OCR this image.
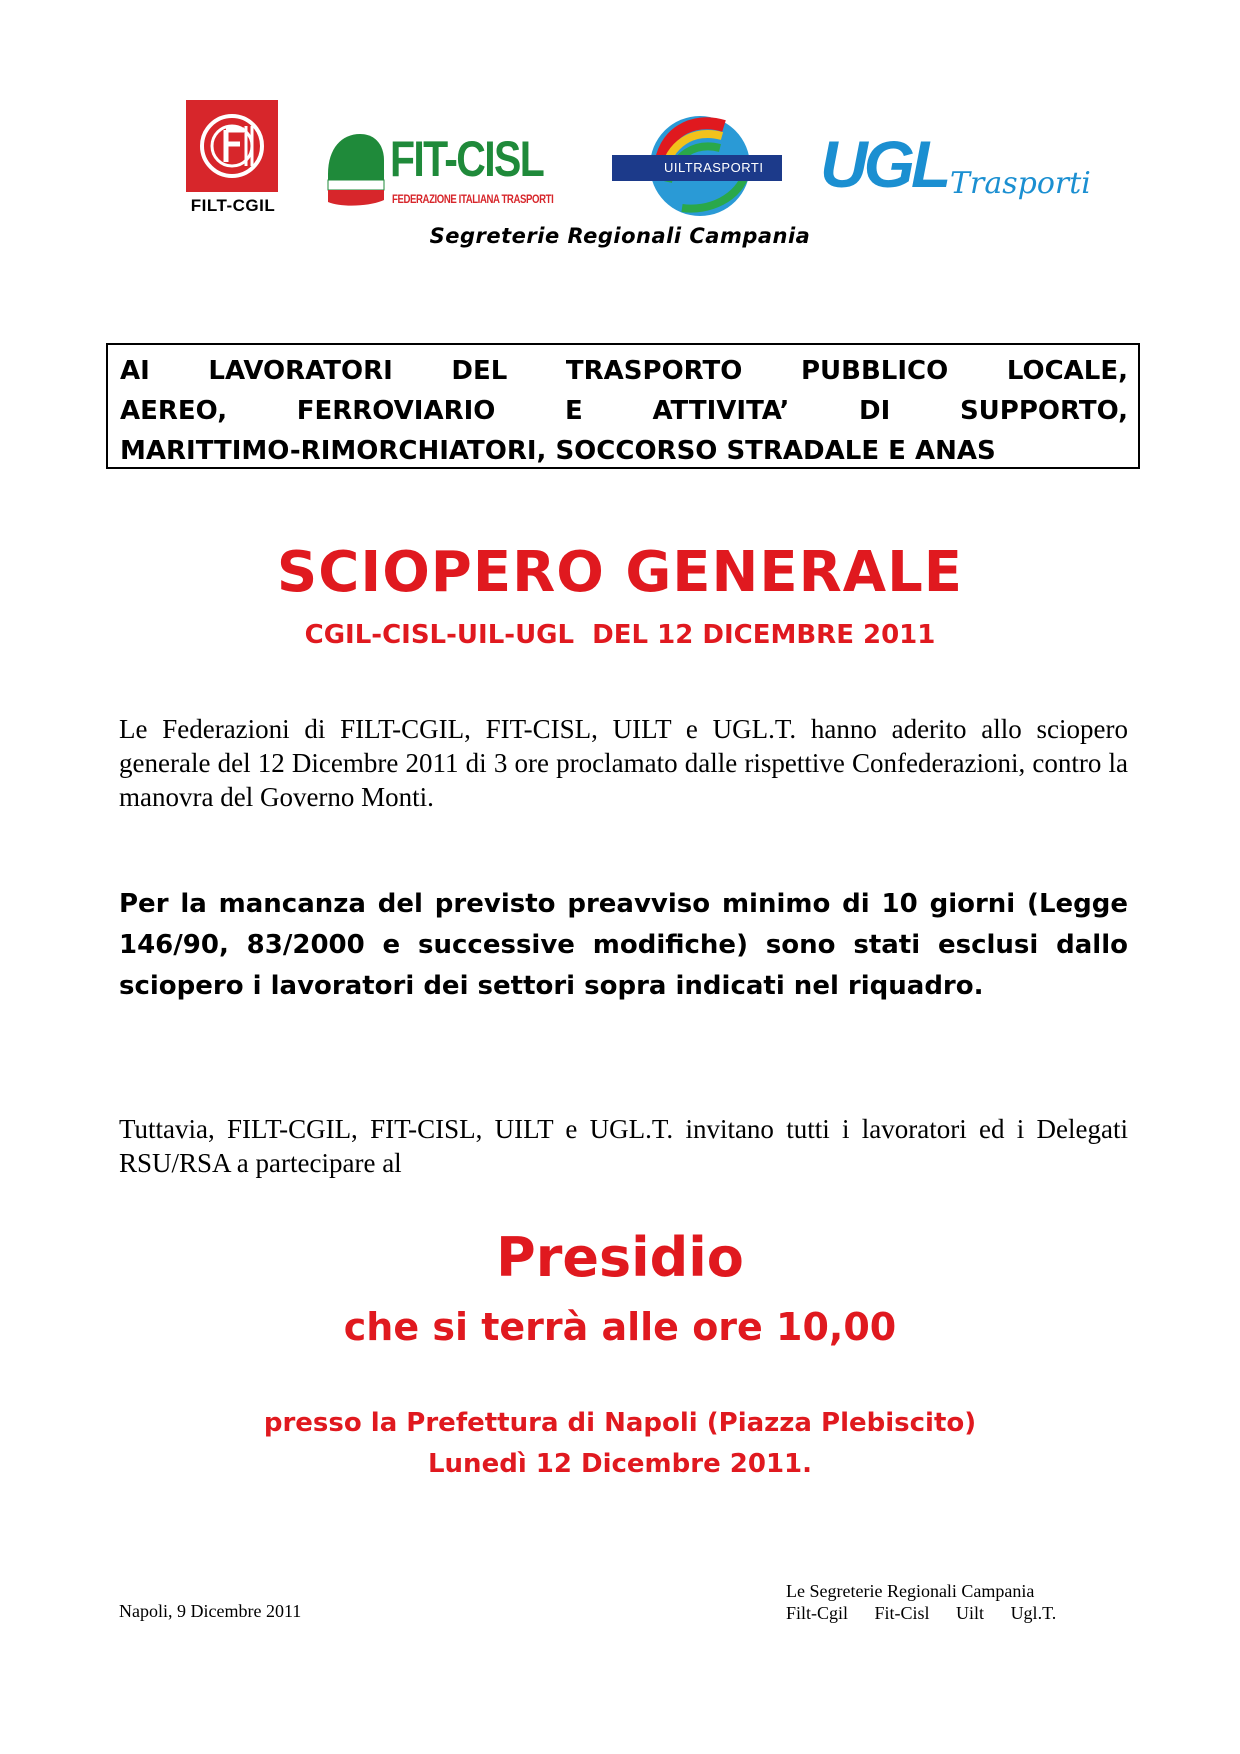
FILT-CGIL
FIT-CISL
FEDERAZIONE ITALIANA TRASPORTI
UILTRASPORTI UGL Trasporti
Segreterie Regionali Campania
AI LAVORATORI DEL TRASPORTO PUBBLICO LOCALE,
AEREO, FERROVIARIO E ATTIVITA’ DI SUPPORTO,
MARITTIMO-RIMORCHIATORI, SOCCORSO STRADALE E ANAS
SCIOPERO GENERALE
CGIL-CISL-UIL-UGL  DEL 12 DICEMBRE 2011
Le Federazioni di FILT-CGIL, FIT-CISL, UILT e UGL.T. hanno aderito allo sciopero generale del 12 Dicembre 2011 di 3 ore proclamato dalle rispettive Confederazioni, contro la manovra del Governo Monti.
Per la mancanza del previsto preavviso minimo di 10 giorni (Legge 146/90, 83/2000 e successive modifiche) sono stati esclusi dallo sciopero i lavoratori dei settori sopra indicati nel riquadro.
Tuttavia, FILT-CGIL, FIT-CISL, UILT e UGL.T. invitano tutti i lavoratori ed i Delegati RSU/RSA a partecipare al
Presidio
che si terrà alle ore 10,00
presso la Prefettura di Napoli (Piazza Plebiscito)
Lunedì 12 Dicembre 2011.
Napoli, 9 Dicembre 2011
Le Segreterie Regionali Campania
Filt-Cgil Fit-Cisl Uilt Ugl.T.
